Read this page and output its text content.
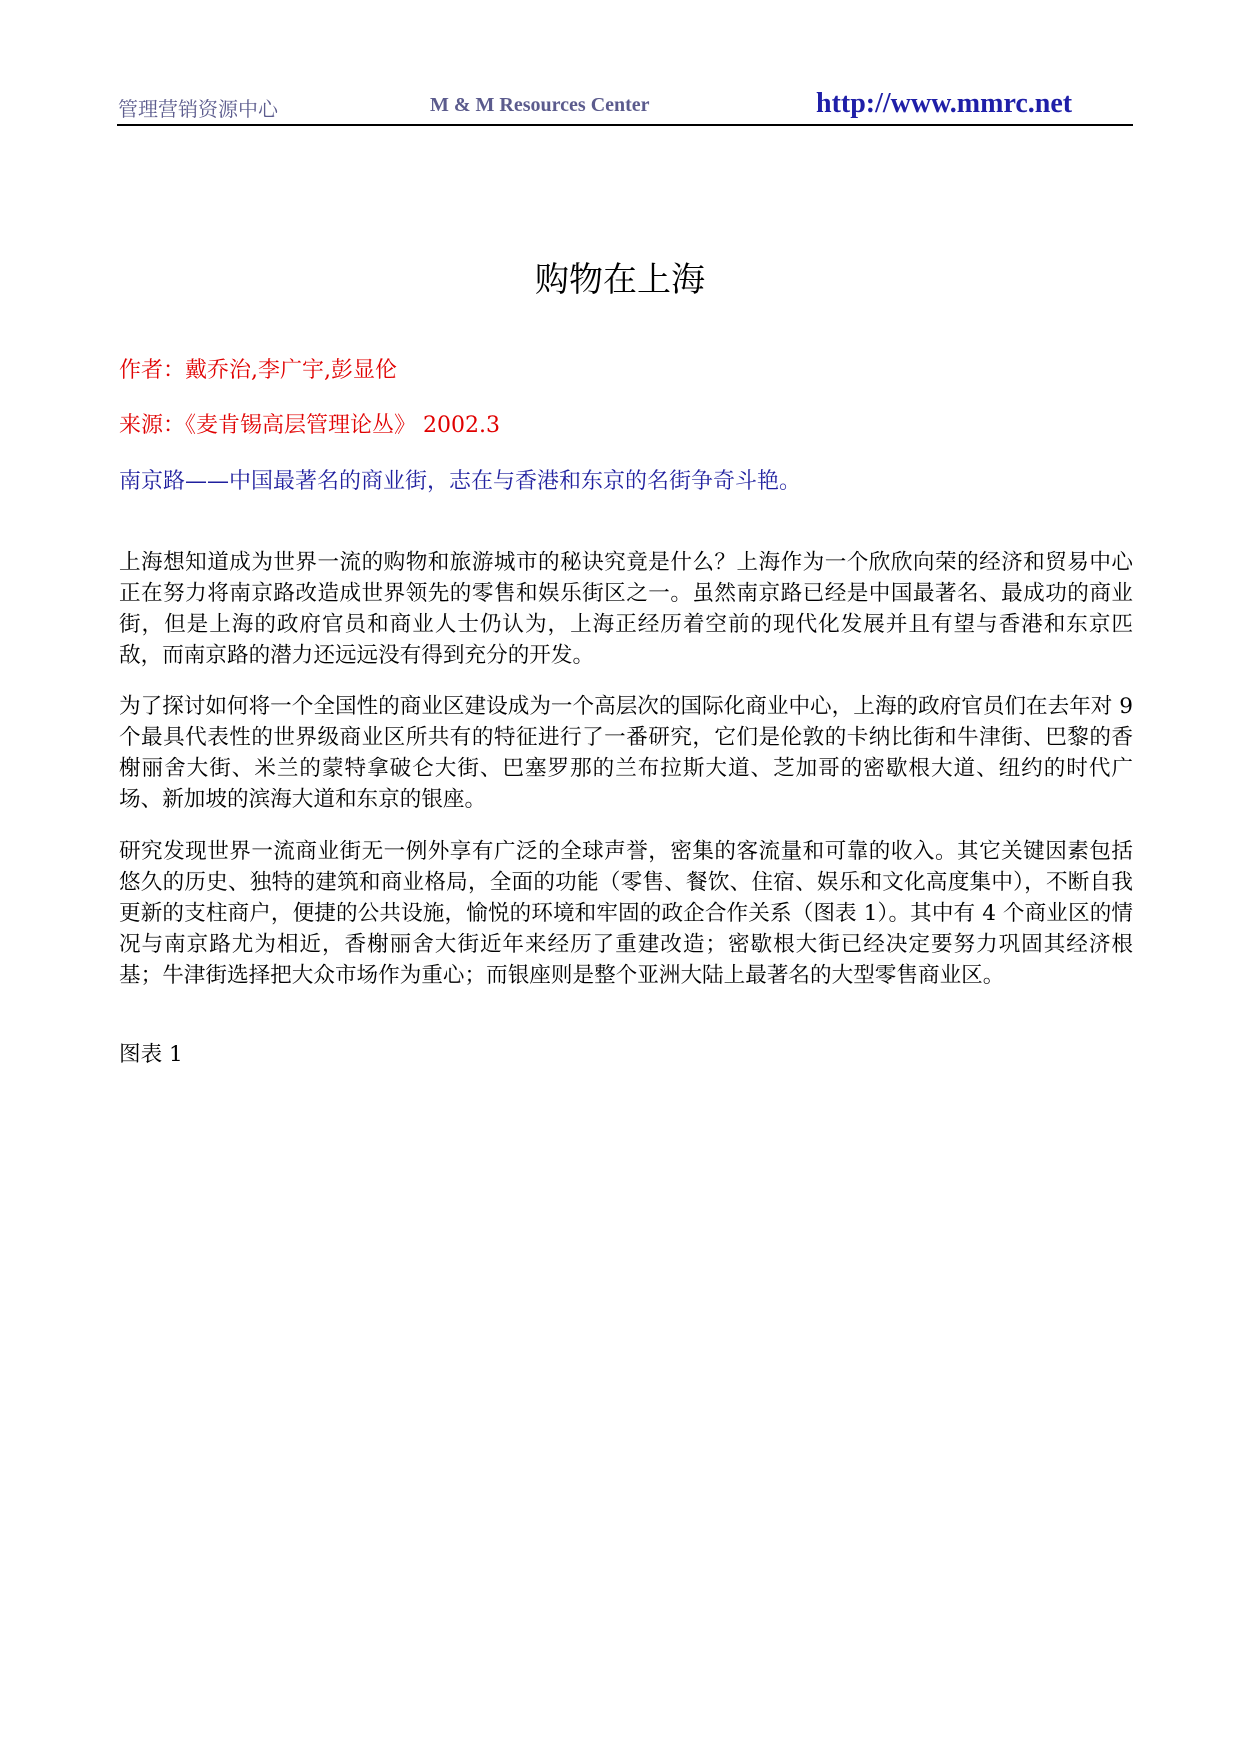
管理营销资源中心	M & M Resources Center	http://www.mmrc.net
购物在上海
作者：戴乔治,李广宇,彭显伦
来源：《麦肯锡高层管理论丛》 2002.3
南京路——中国最著名的商业街，志在与香港和东京的名街争奇斗艳。

上海想知道成为世界一流的购物和旅游城市的秘诀究竟是什么？上海作为一个欣欣向荣的经济和贸易中心正在努力将南京路改造成世界领先的零售和娱乐街区之一。虽然南京路已经是中国最著名、最成功的商业街，但是上海的政府官员和商业人士仍认为，上海正经历着空前的现代化发展并且有望与香港和东京匹敌，而南京路的潜力还远远没有得到充分的开发。

为了探讨如何将一个全国性的商业区建设成为一个高层次的国际化商业中心，上海的政府官员们在去年对 9 个最具代表性的世界级商业区所共有的特征进行了一番研究，它们是伦敦的卡纳比街和牛津街、巴黎的香榭丽舍大街、米兰的蒙特拿破仑大街、巴塞罗那的兰布拉斯大道、芝加哥的密歇根大道、纽约的时代广场、新加坡的滨海大道和东京的银座。

研究发现世界一流商业街无一例外享有广泛的全球声誉，密集的客流量和可靠的收入。其它关键因素包括悠久的历史、独特的建筑和商业格局，全面的功能（零售、餐饮、住宿、娱乐和文化高度集中），不断自我更新的支柱商户，便捷的公共设施，愉悦的环境和牢固的政企合作关系（图表 1）。其中有 4 个商业区的情况与南京路尤为相近，香榭丽舍大街近年来经历了重建改造；密歇根大街已经决定要努力巩固其经济根基；牛津街选择把大众市场作为重心；而银座则是整个亚洲大陆上最著名的大型零售商业区。

图表 1
